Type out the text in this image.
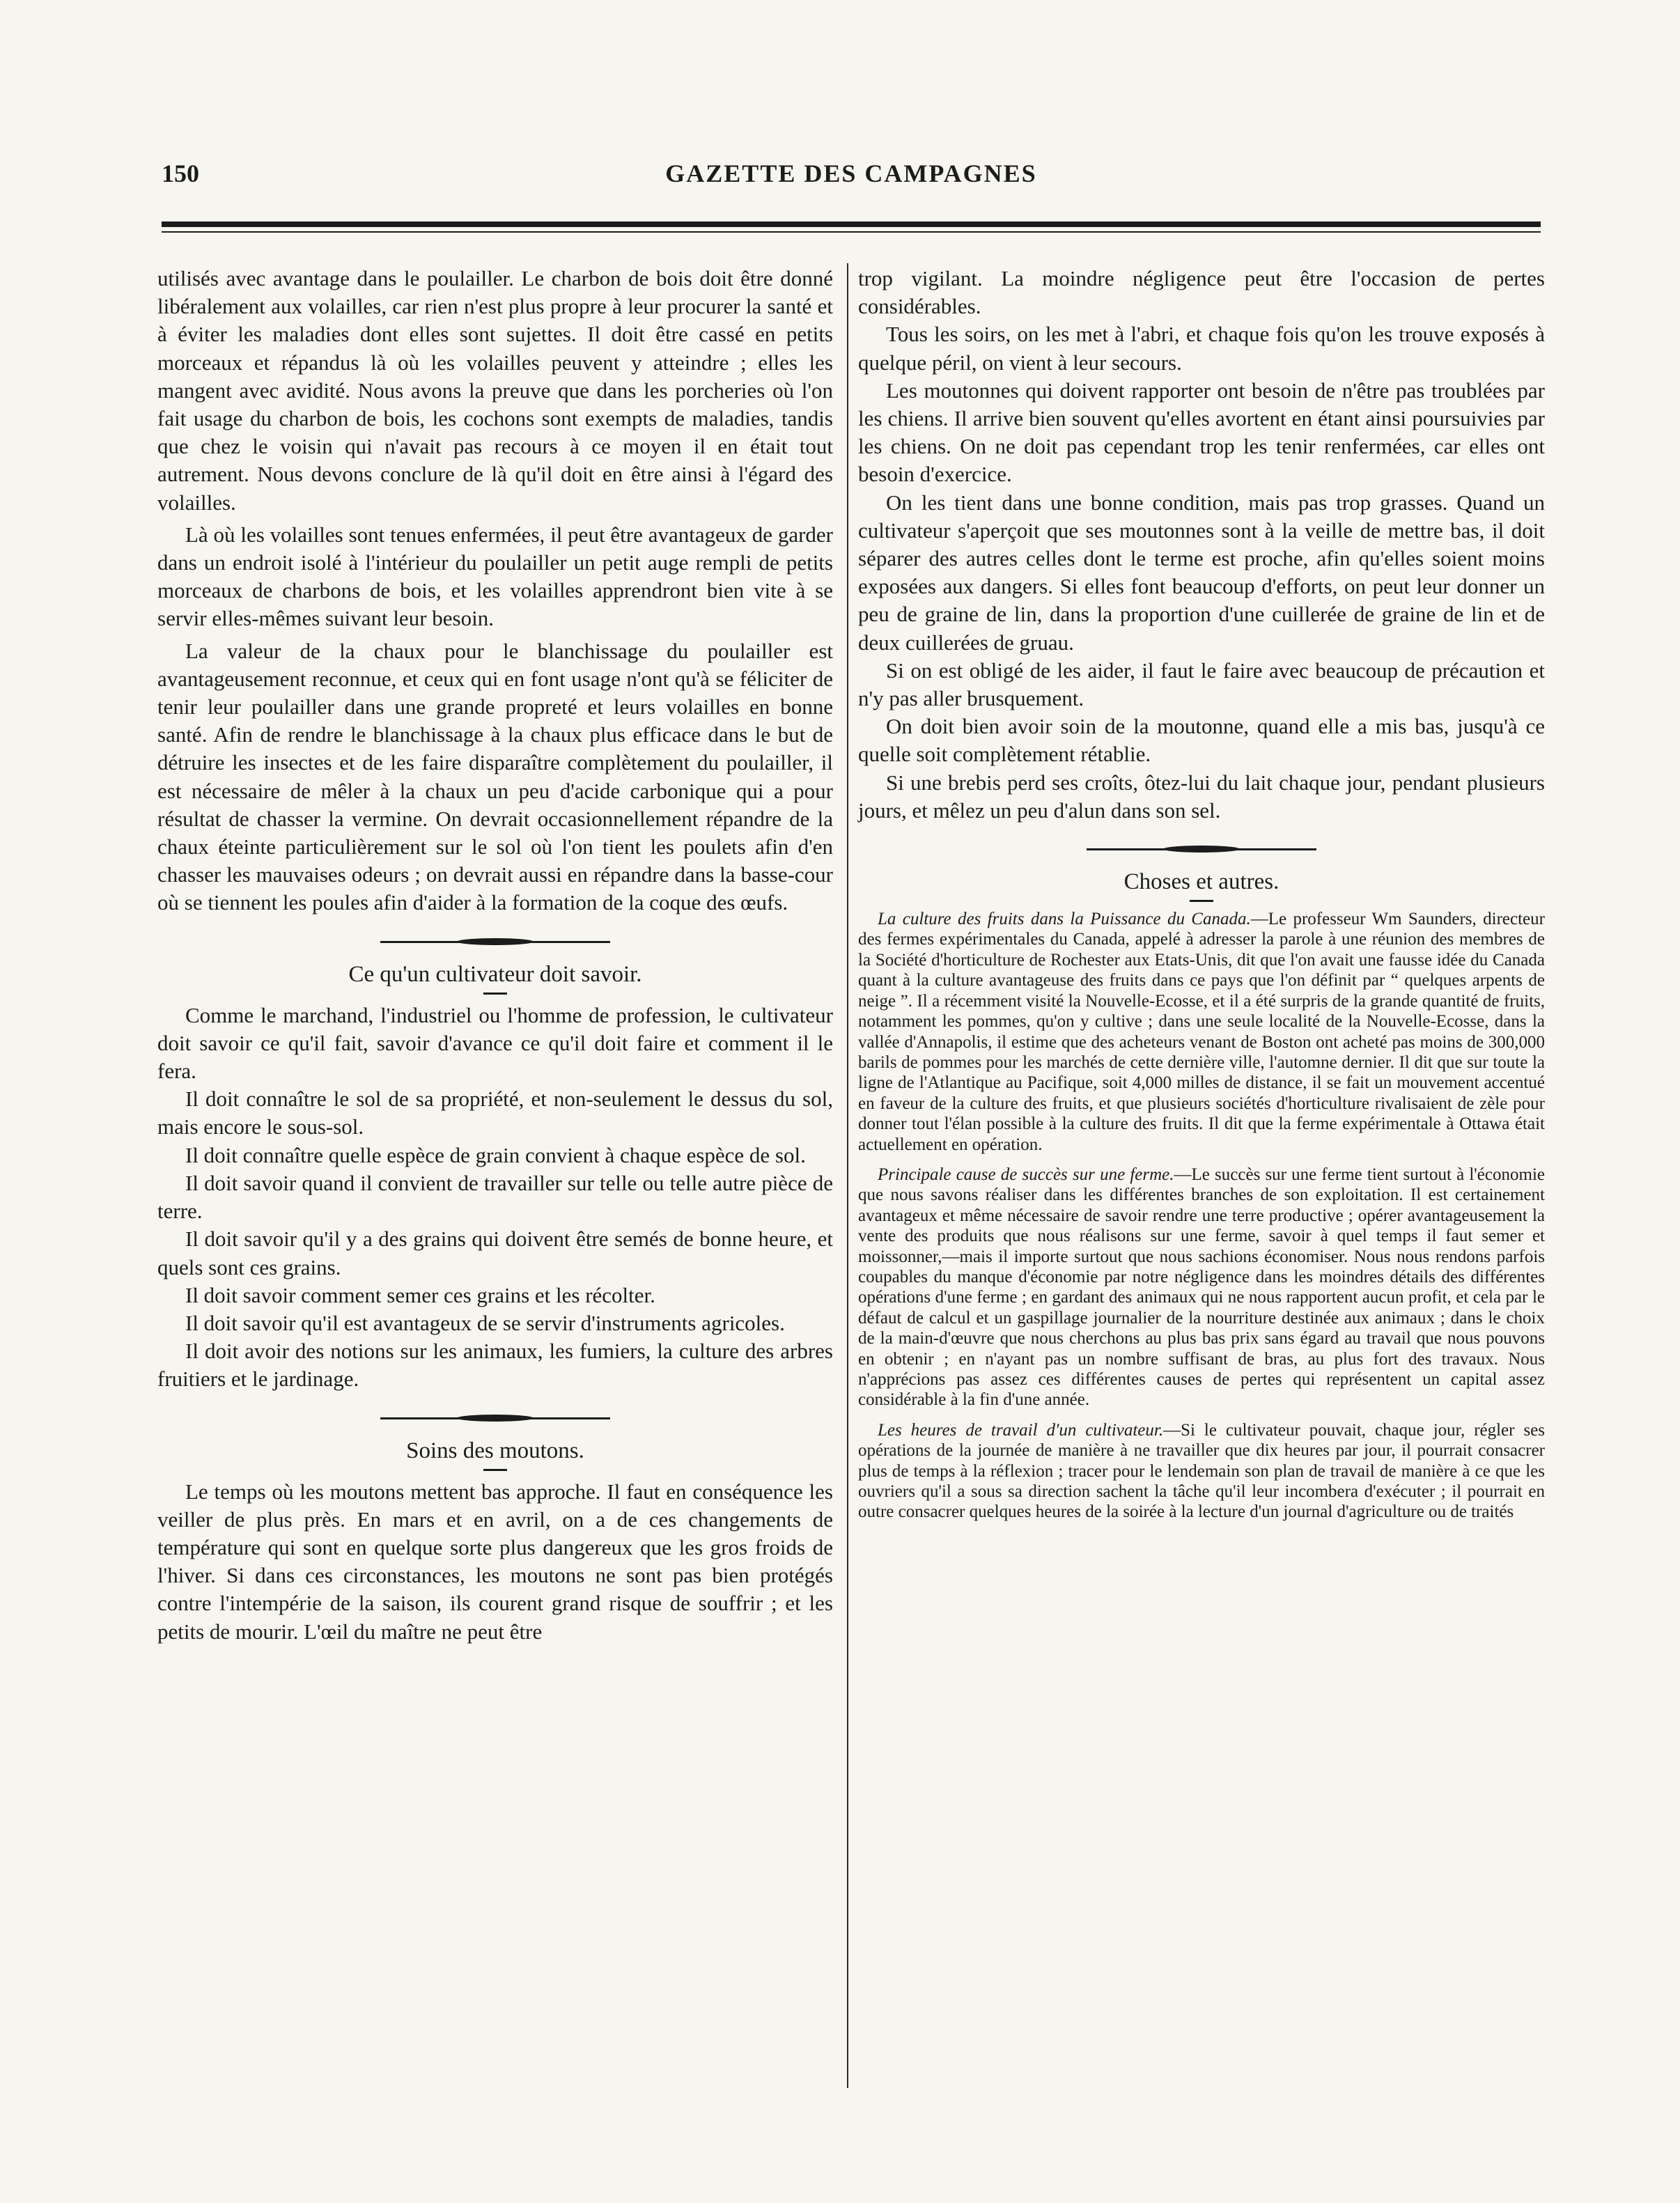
150	GAZETTE DES CAMPAGNES

utilisés avec avantage dans le poulailler. Le charbon de bois doit être donné libéralement aux volailles, car rien n'est plus propre à leur procurer la santé et à éviter les maladies dont elles sont sujettes. Il doit être cassé en petits morceaux et répandus là où les volailles peuvent y atteindre ; elles les mangent avec avidité. Nous avons la preuve que dans les porcheries où l'on fait usage du charbon de bois, les cochons sont exempts de maladies, tandis que chez le voisin qui n'avait pas recours à ce moyen il en était tout autrement. Nous devons conclure de là qu'il doit en être ainsi à l'égard des volailles.

Là où les volailles sont tenues enfermées, il peut être avantageux de garder dans un endroit isolé à l'intérieur du poulailler un petit auge rempli de petits morceaux de charbons de bois, et les volailles apprendront bien vite à se servir elles-mêmes suivant leur besoin.

La valeur de la chaux pour le blanchissage du poulailler est avantageusement reconnue, et ceux qui en font usage n'ont qu'à se féliciter de tenir leur poulailler dans une grande propreté et leurs volailles en bonne santé. Afin de rendre le blanchissage à la chaux plus efficace dans le but de détruire les insectes et de les faire disparaître complètement du poulailler, il est nécessaire de mêler à la chaux un peu d'acide carbonique qui a pour résultat de chasser la vermine. On devrait occasionnellement répandre de la chaux éteinte particulièrement sur le sol où l'on tient les poulets afin d'en chasser les mauvaises odeurs ; on devrait aussi en répandre dans la basse-cour où se tiennent les poules afin d'aider à la formation de la coque des œufs.

Ce qu'un cultivateur doit savoir.

Comme le marchand, l'industriel ou l'homme de profession, le cultivateur doit savoir ce qu'il fait, savoir d'avance ce qu'il doit faire et comment il le fera.

Il doit connaître le sol de sa propriété, et non-seulement le dessus du sol, mais encore le sous-sol.

Il doit connaître quelle espèce de grain convient à chaque espèce de sol.

Il doit savoir quand il convient de travailler sur telle ou telle autre pièce de terre.

Il doit savoir qu'il y a des grains qui doivent être semés de bonne heure, et quels sont ces grains.

Il doit savoir comment semer ces grains et les récolter.

Il doit savoir qu'il est avantageux de se servir d'instruments agricoles.

Il doit avoir des notions sur les animaux, les fumiers, la culture des arbres fruitiers et le jardinage.

Soins des moutons.

Le temps où les moutons mettent bas approche. Il faut en conséquence les veiller de plus près. En mars et en avril, on a de ces changements de température qui sont en quelque sorte plus dangereux que les gros froids de l'hiver. Si dans ces circonstances, les moutons ne sont pas bien protégés contre l'intempérie de la saison, ils courent grand risque de souffrir ; et les petits de mourir. L'œil du maître ne peut être

trop vigilant. La moindre négligence peut être l'occasion de pertes considérables.

Tous les soirs, on les met à l'abri, et chaque fois qu'on les trouve exposés à quelque péril, on vient à leur secours.

Les moutonnes qui doivent rapporter ont besoin de n'être pas troublées par les chiens. Il arrive bien souvent qu'elles avortent en étant ainsi poursuivies par les chiens. On ne doit pas cependant trop les tenir renfermées, car elles ont besoin d'exercice.

On les tient dans une bonne condition, mais pas trop grasses. Quand un cultivateur s'aperçoit que ses moutonnes sont à la veille de mettre bas, il doit séparer des autres celles dont le terme est proche, afin qu'elles soient moins exposées aux dangers. Si elles font beaucoup d'efforts, on peut leur donner un peu de graine de lin, dans la proportion d'une cuillerée de graine de lin et de deux cuillerées de gruau.

Si on est obligé de les aider, il faut le faire avec beaucoup de précaution et n'y pas aller brusquement.

On doit bien avoir soin de la moutonne, quand elle a mis bas, jusqu'à ce quelle soit complètement rétablie.

Si une brebis perd ses croîts, ôtez-lui du lait chaque jour, pendant plusieurs jours, et mêlez un peu d'alun dans son sel.

Choses et autres.

La culture des fruits dans la Puissance du Canada.—Le professeur Wm Saunders, directeur des fermes expérimentales du Canada, appelé à adresser la parole à une réunion des membres de la Société d'horticulture de Rochester aux Etats-Unis, dit que l'on avait une fausse idée du Canada quant à la culture avantageuse des fruits dans ce pays que l'on définit par “ quelques arpents de neige ”. Il a récemment visité la Nouvelle-Ecosse, et il a été surpris de la grande quantité de fruits, notamment les pommes, qu'on y cultive ; dans une seule localité de la Nouvelle-Ecosse, dans la vallée d'Annapolis, il estime que des acheteurs venant de Boston ont acheté pas moins de 300,000 barils de pommes pour les marchés de cette dernière ville, l'automne dernier. Il dit que sur toute la ligne de l'Atlantique au Pacifique, soit 4,000 milles de distance, il se fait un mouvement accentué en faveur de la culture des fruits, et que plusieurs sociétés d'horticulture rivalisaient de zèle pour donner tout l'élan possible à la culture des fruits. Il dit que la ferme expérimentale à Ottawa était actuellement en opération.

Principale cause de succès sur une ferme.—Le succès sur une ferme tient surtout à l'économie que nous savons réaliser dans les différentes branches de son exploitation. Il est certainement avantageux et même nécessaire de savoir rendre une terre productive ; opérer avantageusement la vente des produits que nous réalisons sur une ferme, savoir à quel temps il faut semer et moissonner,—mais il importe surtout que nous sachions économiser. Nous nous rendons parfois coupables du manque d'économie par notre négligence dans les moindres détails des différentes opérations d'une ferme ; en gardant des animaux qui ne nous rapportent aucun profit, et cela par le défaut de calcul et un gaspillage journalier de la nourriture destinée aux animaux ; dans le choix de la main-d'œuvre que nous cherchons au plus bas prix sans égard au travail que nous pouvons en obtenir ; en n'ayant pas un nombre suffisant de bras, au plus fort des travaux. Nous n'apprécions pas assez ces différentes causes de pertes qui représentent un capital assez considérable à la fin d'une année.

Les heures de travail d'un cultivateur.—Si le cultivateur pouvait, chaque jour, régler ses opérations de la journée de manière à ne travailler que dix heures par jour, il pourrait consacrer plus de temps à la réflexion ; tracer pour le lendemain son plan de travail de manière à ce que les ouvriers qu'il a sous sa direction sachent la tâche qu'il leur incombera d'exécuter ; il pourrait en outre consacrer quelques heures de la soirée à la lecture d'un journal d'agriculture ou de traités
